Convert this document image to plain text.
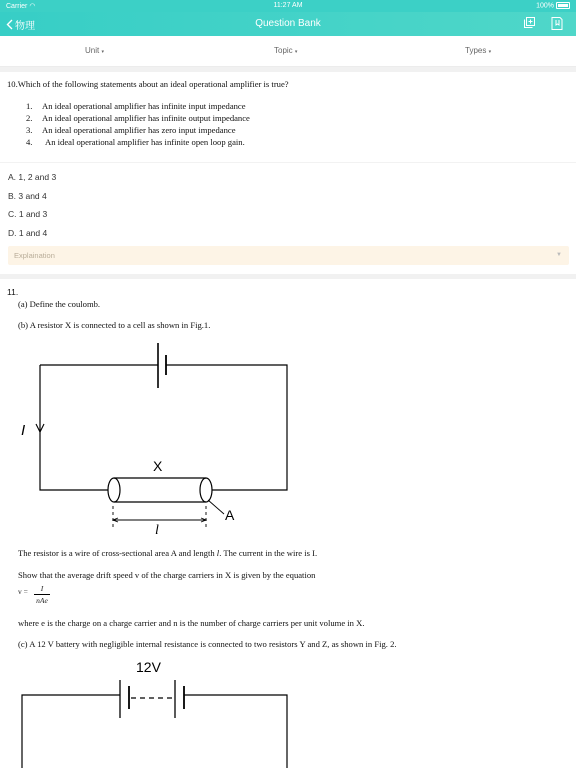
Carrier ◠	11:27 AM	100%
物理	Question Bank
Unit ▾	Topic ▾	Types ▾
10.Which of the following statements about an ideal operational amplifier is true?
1. An ideal operational amplifier has infinite input impedance
2. An ideal operational amplifier has infinite output impedance
3. An ideal operational amplifier has zero input impedance
4. An ideal operational amplifier has infinite open loop gain.
A. 1, 2 and 3
B. 3 and 4
C. 1 and 3
D. 1 and 4
Explaination	▼
11.
(a) Define the coulomb.
(b) A resistor X is connected to a cell as shown in Fig.1.
I
X
A
l
The resistor is a wire of cross-sectional area A and length l. The current in the wire is I.
Show that the average drift speed v of the charge carriers in X is given by the equation
v =	I
nAe
where e is the charge on a charge carrier and n is the number of charge carriers per unit volume in X.
(c) A 12 V battery with negligible internal resistance is connected to two resistors Y and Z, as shown in Fig. 2.
12V
